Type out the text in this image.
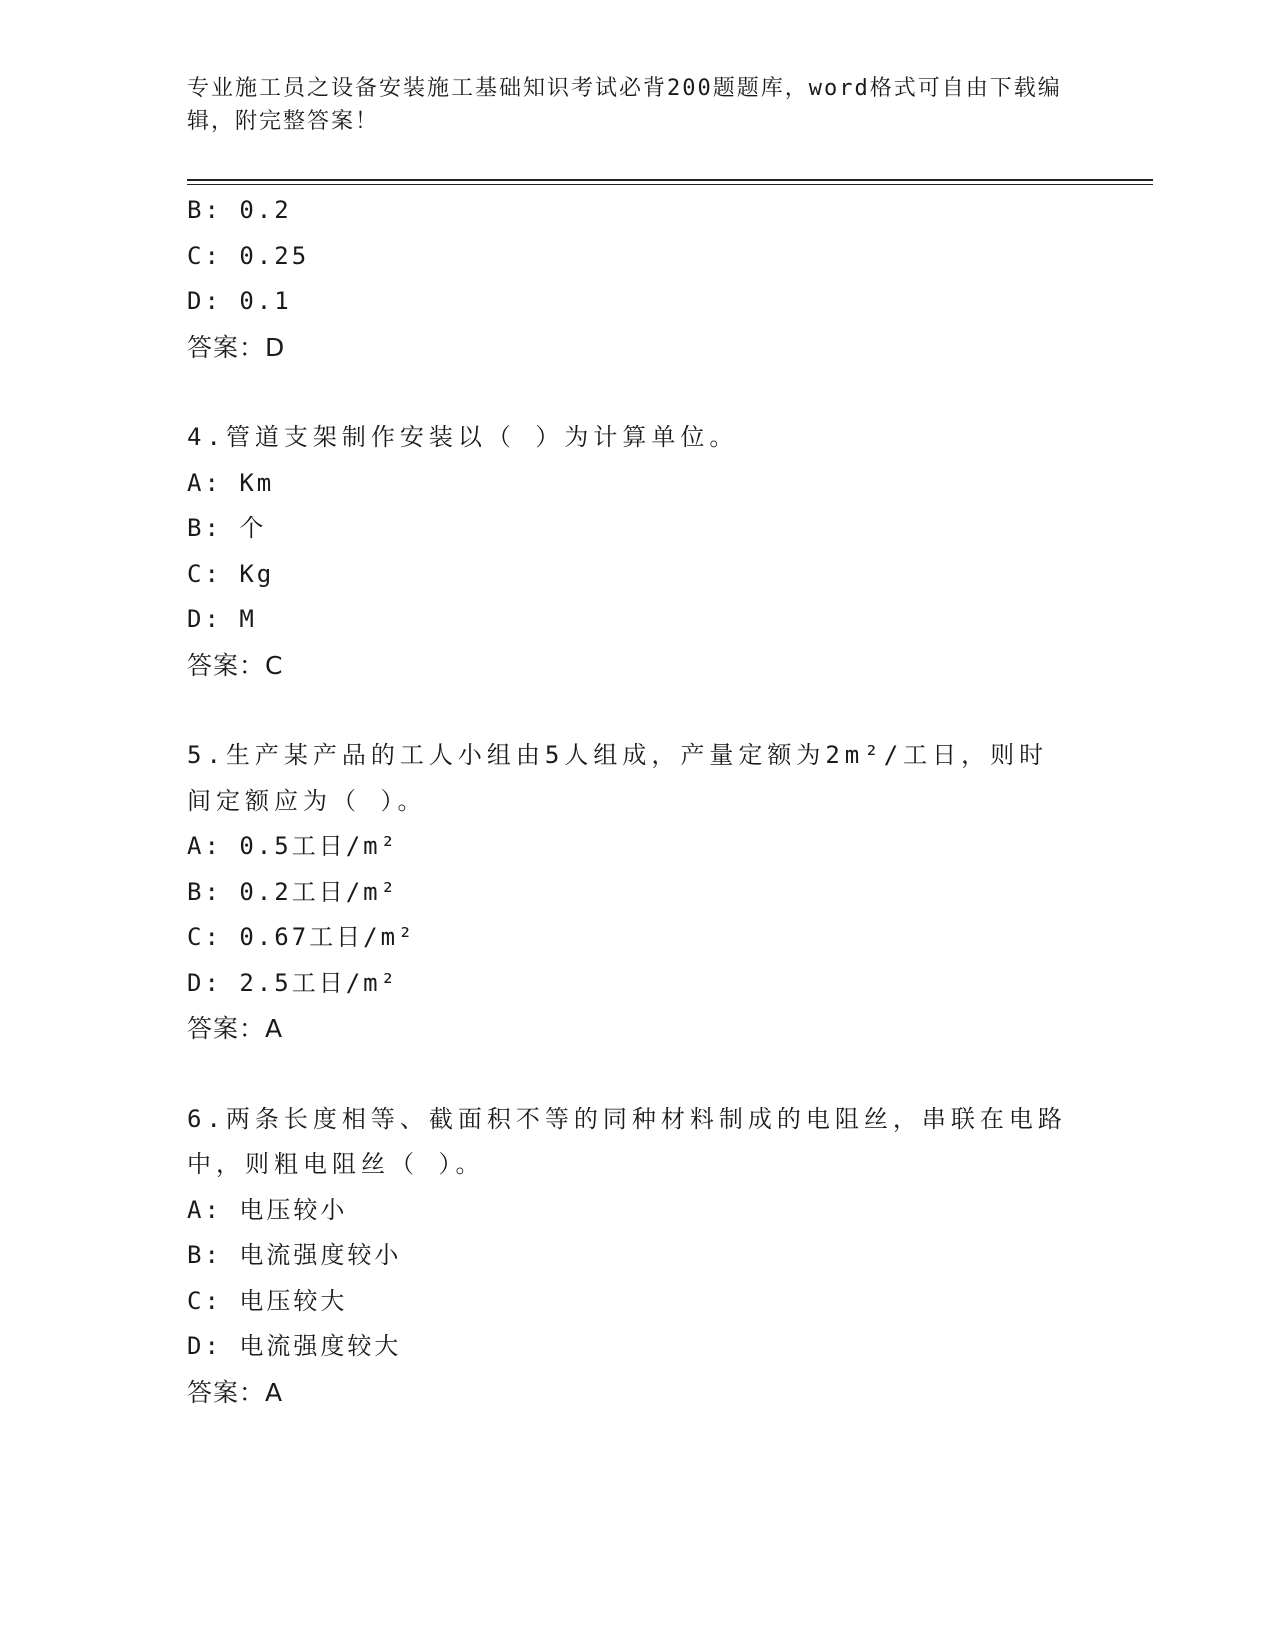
专业施工员之设备安装施工基础知识考试必背200题题库，word格式可自由下载编辑，附完整答案！
B: 0.2
C: 0.25
D: 0.1
答案：D
4.管道支架制作安装以（ ）为计算单位。
A: Km
B: 个
C: Kg
D: M
答案：C
5.生产某产品的工人小组由5人组成，产量定额为2m²/工日，则时间定额应为（ ）。
A: 0.5工日/m²
B: 0.2工日/m²
C: 0.67工日/m²
D: 2.5工日/m²
答案：A
6.两条长度相等、截面积不等的同种材料制成的电阻丝，串联在电路中，则粗电阻丝（ ）。
A: 电压较小
B: 电流强度较小
C: 电压较大
D: 电流强度较大
答案：A
